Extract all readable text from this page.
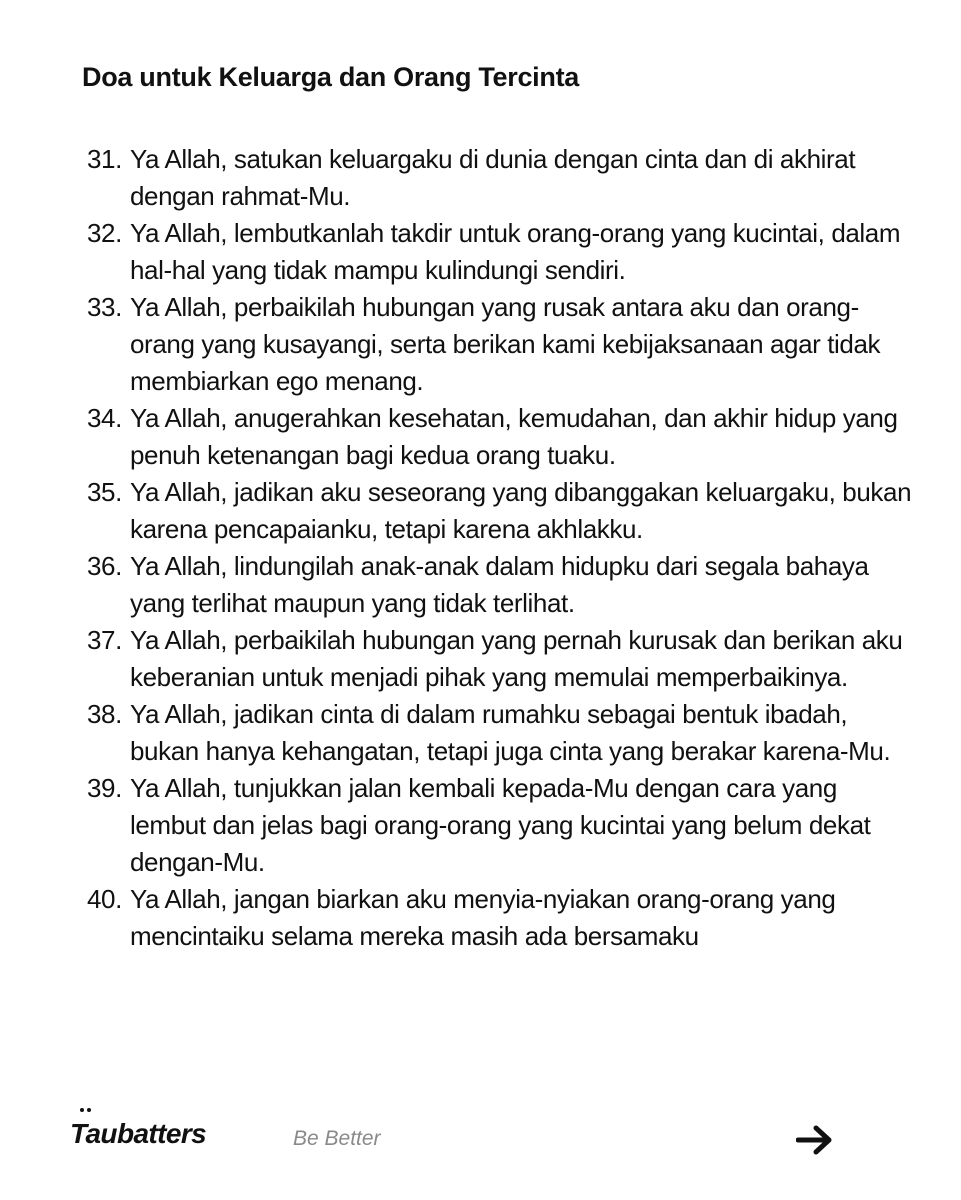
Doa untuk Keluarga dan Orang Tercinta
31. Ya Allah, satukan keluargaku di dunia dengan cinta dan di akhirat dengan rahmat-Mu.
32. Ya Allah, lembutkanlah takdir untuk orang-orang yang kucintai, dalam hal-hal yang tidak mampu kulindungi sendiri.
33. Ya Allah, perbaikilah hubungan yang rusak antara aku dan orang-orang yang kusayangi, serta berikan kami kebijaksanaan agar tidak membiarkan ego menang.
34. Ya Allah, anugerahkan kesehatan, kemudahan, dan akhir hidup yang penuh ketenangan bagi kedua orang tuaku.
35. Ya Allah, jadikan aku seseorang yang dibanggakan keluargaku, bukan karena pencapaianku, tetapi karena akhlakku.
36. Ya Allah, lindungilah anak-anak dalam hidupku dari segala bahaya yang terlihat maupun yang tidak terlihat.
37. Ya Allah, perbaikilah hubungan yang pernah kurusak dan berikan aku keberanian untuk menjadi pihak yang memulai memperbaikinya.
38. Ya Allah, jadikan cinta di dalam rumahku sebagai bentuk ibadah, bukan hanya kehangatan, tetapi juga cinta yang berakar karena-Mu.
39. Ya Allah, tunjukkan jalan kembali kepada-Mu dengan cara yang lembut dan jelas bagi orang-orang yang kucintai yang belum dekat dengan-Mu.
40. Ya Allah, jangan biarkan aku menyia-nyiakan orang-orang yang mencintaiku selama mereka masih ada bersamaku
Taubatters	Be Better
